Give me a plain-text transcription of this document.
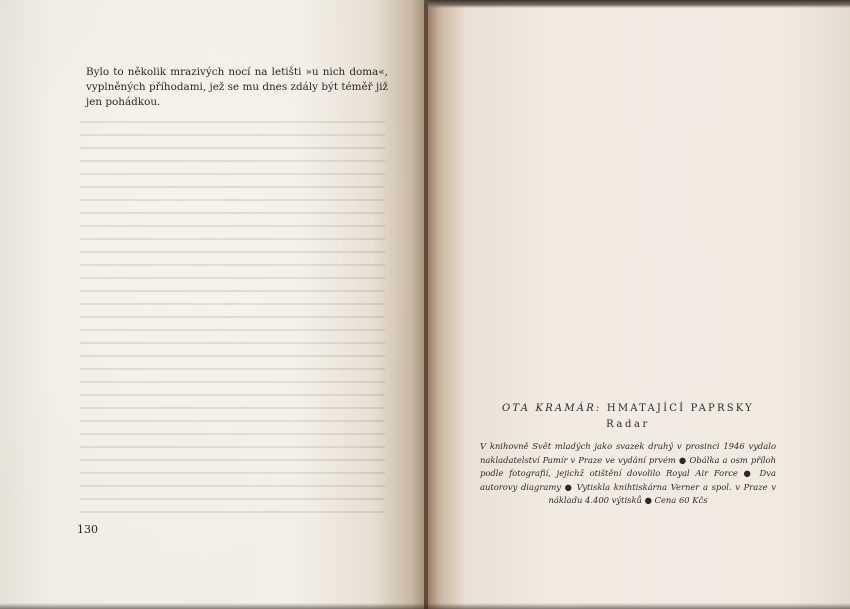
Bylo to několik mrazivých nocí na letišti »u nich doma«, vyplněných příhodami, jež se mu dnes zdály být téměř již jen pohádkou.

130
OTA KRAMÁR: HMATAJÍCÍ PAPRSKY
Radar

V knihovně Svět mladých jako svazek druhý v prosinci 1946 vydalo nakladatelství Pamír v Praze ve vydání prvém ● Obálka a osm příloh podle fotografií, jejichž otištění dovolilo Royal Air Force ● Dva autorovy diagramy ● Vytiskla knihtiskárna Verner a spol. v Praze v nákladu 4.400 výtisků ● Cena 60 Kčs
